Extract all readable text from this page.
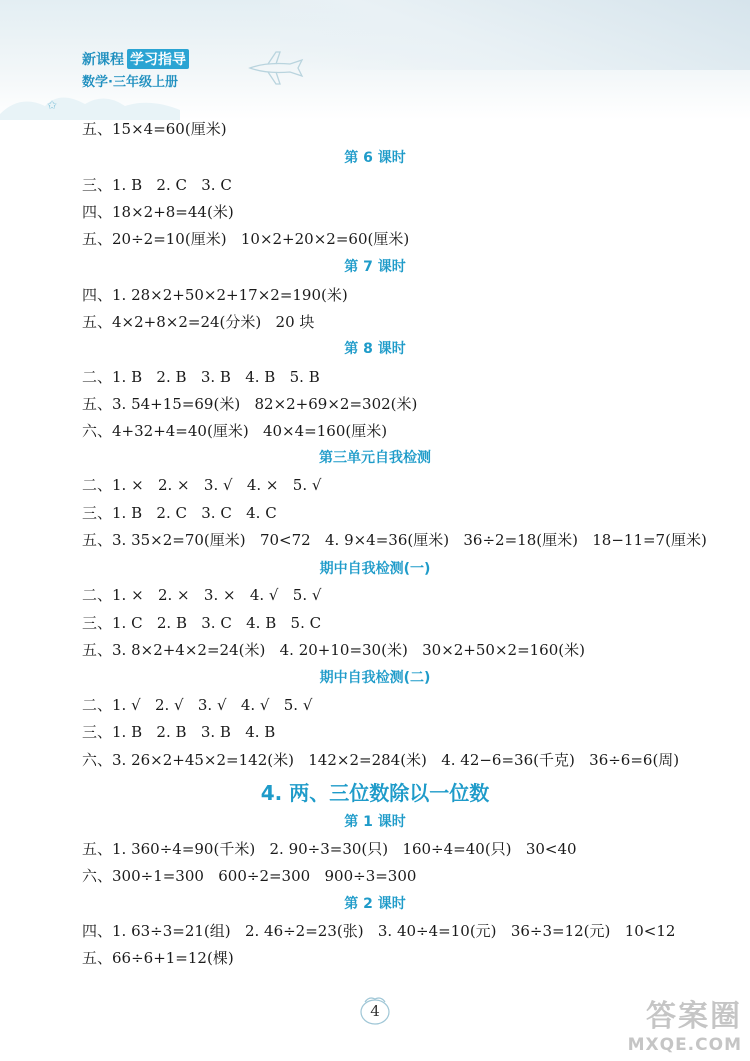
✩
新课程 学习指导
数学·三年级上册
五、15×4=60(厘米)
第 6 课时
三、1. B   2. C   3. C
四、18×2+8=44(米)
五、20÷2=10(厘米)   10×2+20×2=60(厘米)
第 7 课时
四、1. 28×2+50×2+17×2=190(米)
五、4×2+8×2=24(分米)   20 块
第 8 课时
二、1. B   2. B   3. B   4. B   5. B
五、3. 54+15=69(米)   82×2+69×2=302(米)
六、4+32+4=40(厘米)   40×4=160(厘米)
第三单元自我检测
二、1. ×   2. ×   3. √   4. ×   5. √
三、1. B   2. C   3. C   4. C
五、3. 35×2=70(厘米)   70<72   4. 9×4=36(厘米)   36÷2=18(厘米)   18−11=7(厘米)
期中自我检测(一)
二、1. ×   2. ×   3. ×   4. √   5. √
三、1. C   2. B   3. C   4. B   5. C
五、3. 8×2+4×2=24(米)   4. 20+10=30(米)   30×2+50×2=160(米)
期中自我检测(二)
二、1. √   2. √   3. √   4. √   5. √
三、1. B   2. B   3. B   4. B
六、3. 26×2+45×2=142(米)   142×2=284(米)   4. 42−6=36(千克)   36÷6=6(周)
4. 两、三位数除以一位数
第 1 课时
五、1. 360÷4=90(千米)   2. 90÷3=30(只)   160÷4=40(只)   30<40
六、300÷1=300   600÷2=300   900÷3=300
第 2 课时
四、1. 63÷3=21(组)   2. 46÷2=23(张)   3. 40÷4=10(元)   36÷3=12(元)   10<12
五、66÷6+1=12(棵)
4	答案圈
MXQE.COM
